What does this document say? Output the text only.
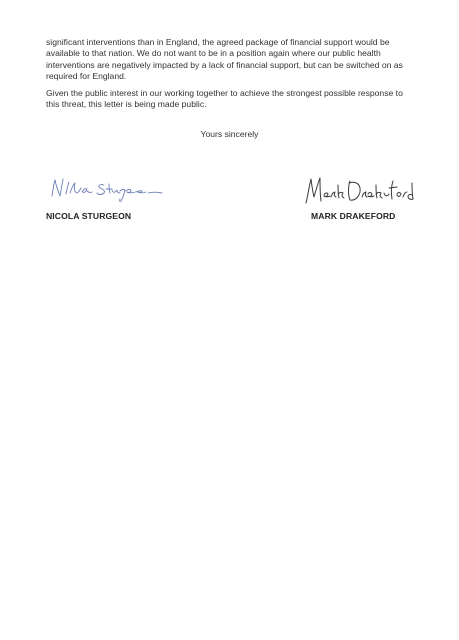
significant interventions than in England, the agreed package of financial support would be available to that nation. We do not want to be in a position again where our public health interventions are negatively impacted by a lack of financial support, but can be switched on as required for England.

Given the public interest in our working together to achieve the strongest possible response to this threat, this letter is being made public.

Yours sincerely

NICOLA STURGEON	MARK DRAKEFORD
